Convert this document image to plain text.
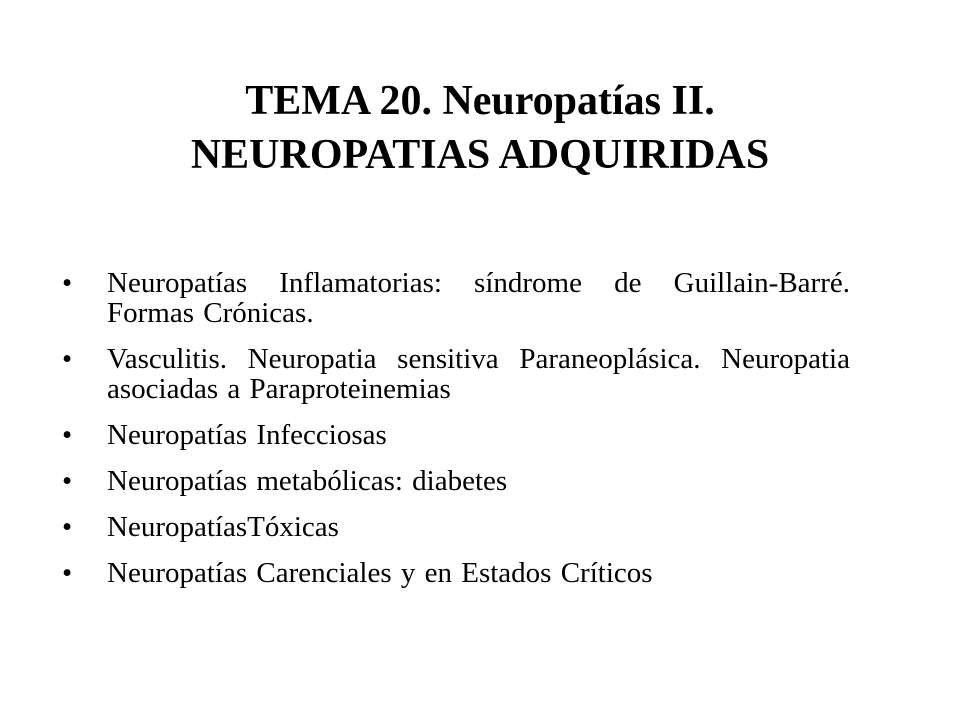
TEMA 20. Neuropatías II.
NEUROPATIAS ADQUIRIDAS
• Neuropatías Inflamatorias: síndrome de Guillain-Barré. Formas Crónicas.
• Vasculitis. Neuropatia sensitiva Paraneoplásica. Neuropatia asociadas a Paraproteinemias
• Neuropatías Infecciosas
• Neuropatías metabólicas: diabetes
• NeuropatíasTóxicas
• Neuropatías Carenciales y en Estados Críticos
